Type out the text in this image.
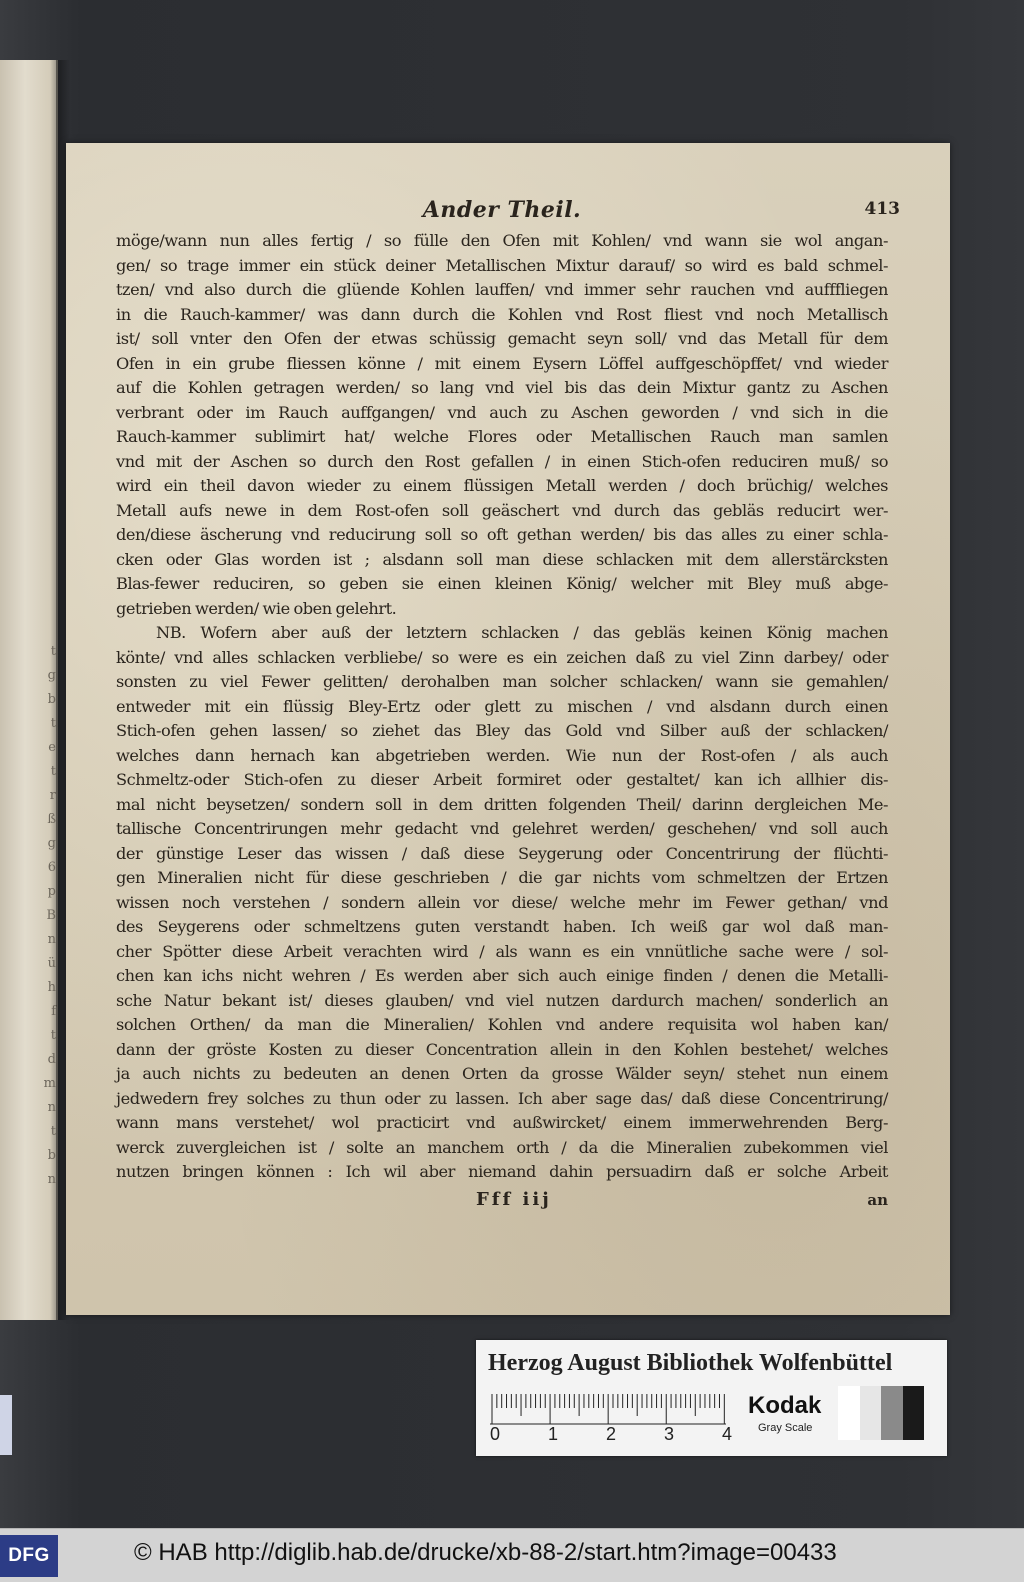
t
g
b
t
e
t
r
ß
g
6
p
B
n
ü
h
f
t
d
m
n
t
b
n
Ander Theil.	413
möge/wann nun alles fertig / so fülle den Ofen mit Kohlen/ vnd wann sie wol angan-
gen/ so trage immer ein stück deiner Metallischen Mixtur darauf/ so wird es bald schmel-
tzen/ vnd also durch die glüende Kohlen lauffen/ vnd immer sehr rauchen vnd aufffliegen
in die Rauch-kammer/ was dann durch die Kohlen vnd Rost fliest vnd noch Metallisch
ist/ soll vnter den Ofen der etwas schüssig gemacht seyn soll/ vnd das Metall für dem
Ofen in ein grube fliessen könne / mit einem Eysern Löffel auffgeschöpffet/ vnd wieder
auf die Kohlen getragen werden/ so lang vnd viel bis das dein Mixtur gantz zu Aschen
verbrant oder im Rauch auffgangen/ vnd auch zu Aschen geworden / vnd sich in die
Rauch-kammer sublimirt hat/ welche Flores oder Metallischen Rauch man samlen
vnd mit der Aschen so durch den Rost gefallen / in einen Stich-ofen reduciren muß/ so
wird ein theil davon wieder zu einem flüssigen Metall werden / doch brüchig/ welches
Metall aufs newe in dem Rost-ofen soll geäschert vnd durch das gebläs reducirt wer-
den/diese äscherung vnd reducirung soll so oft gethan werden/ bis das alles zu einer schla-
cken oder Glas worden ist ; alsdann soll man diese schlacken mit dem allerstärcksten
Blas-fewer reduciren, so geben sie einen kleinen König/ welcher mit Bley muß abge-
getrieben werden/ wie oben gelehrt.
NB. Wofern aber auß der letztern schlacken / das gebläs keinen König machen
könte/ vnd alles schlacken verbliebe/ so were es ein zeichen daß zu viel Zinn darbey/ oder
sonsten zu viel Fewer gelitten/ derohalben man solcher schlacken/ wann sie gemahlen/
entweder mit ein flüssig Bley-Ertz oder glett zu mischen / vnd alsdann durch einen
Stich-ofen gehen lassen/ so ziehet das Bley das Gold vnd Silber auß der schlacken/
welches dann hernach kan abgetrieben werden. Wie nun der Rost-ofen / als auch
Schmeltz-oder Stich-ofen zu dieser Arbeit formiret oder gestaltet/ kan ich allhier dis-
mal nicht beysetzen/ sondern soll in dem dritten folgenden Theil/ darinn dergleichen Me-
tallische Concentrirungen mehr gedacht vnd gelehret werden/ geschehen/ vnd soll auch
der günstige Leser das wissen / daß diese Seygerung oder Concentrirung der flüchti-
gen Mineralien nicht für diese geschrieben / die gar nichts vom schmeltzen der Ertzen
wissen noch verstehen / sondern allein vor diese/ welche mehr im Fewer gethan/ vnd
des Seygerens oder schmeltzens guten verstandt haben. Ich weiß gar wol daß man-
cher Spötter diese Arbeit verachten wird / als wann es ein vnnütliche sache were / sol-
chen kan ichs nicht wehren / Es werden aber sich auch einige finden / denen die Metalli-
sche Natur bekant ist/ dieses glauben/ vnd viel nutzen dardurch machen/ sonderlich an
solchen Orthen/ da man die Mineralien/ Kohlen vnd andere requisita wol haben kan/
dann der gröste Kosten zu dieser Concentration allein in den Kohlen bestehet/ welches
ja auch nichts zu bedeuten an denen Orten da grosse Wälder seyn/ stehet nun einem
jedwedern frey solches zu thun oder zu lassen. Ich aber sage das/ daß diese Concentrirung/
wann mans verstehet/ wol practicirt vnd außwircket/ einem immerwehrenden Berg-
werck zuvergleichen ist / solte an manchem orth / da die Mineralien zubekommen viel
nutzen bringen können : Ich wil aber niemand dahin persuadirn daß er solche Arbeit
Fff iij	an
Herzog August Bibliothek Wolfenbüttel
0	1	2	3	4
Kodak
Gray Scale
DFG	© HAB http://diglib.hab.de/drucke/xb-88-2/start.htm?image=00433
